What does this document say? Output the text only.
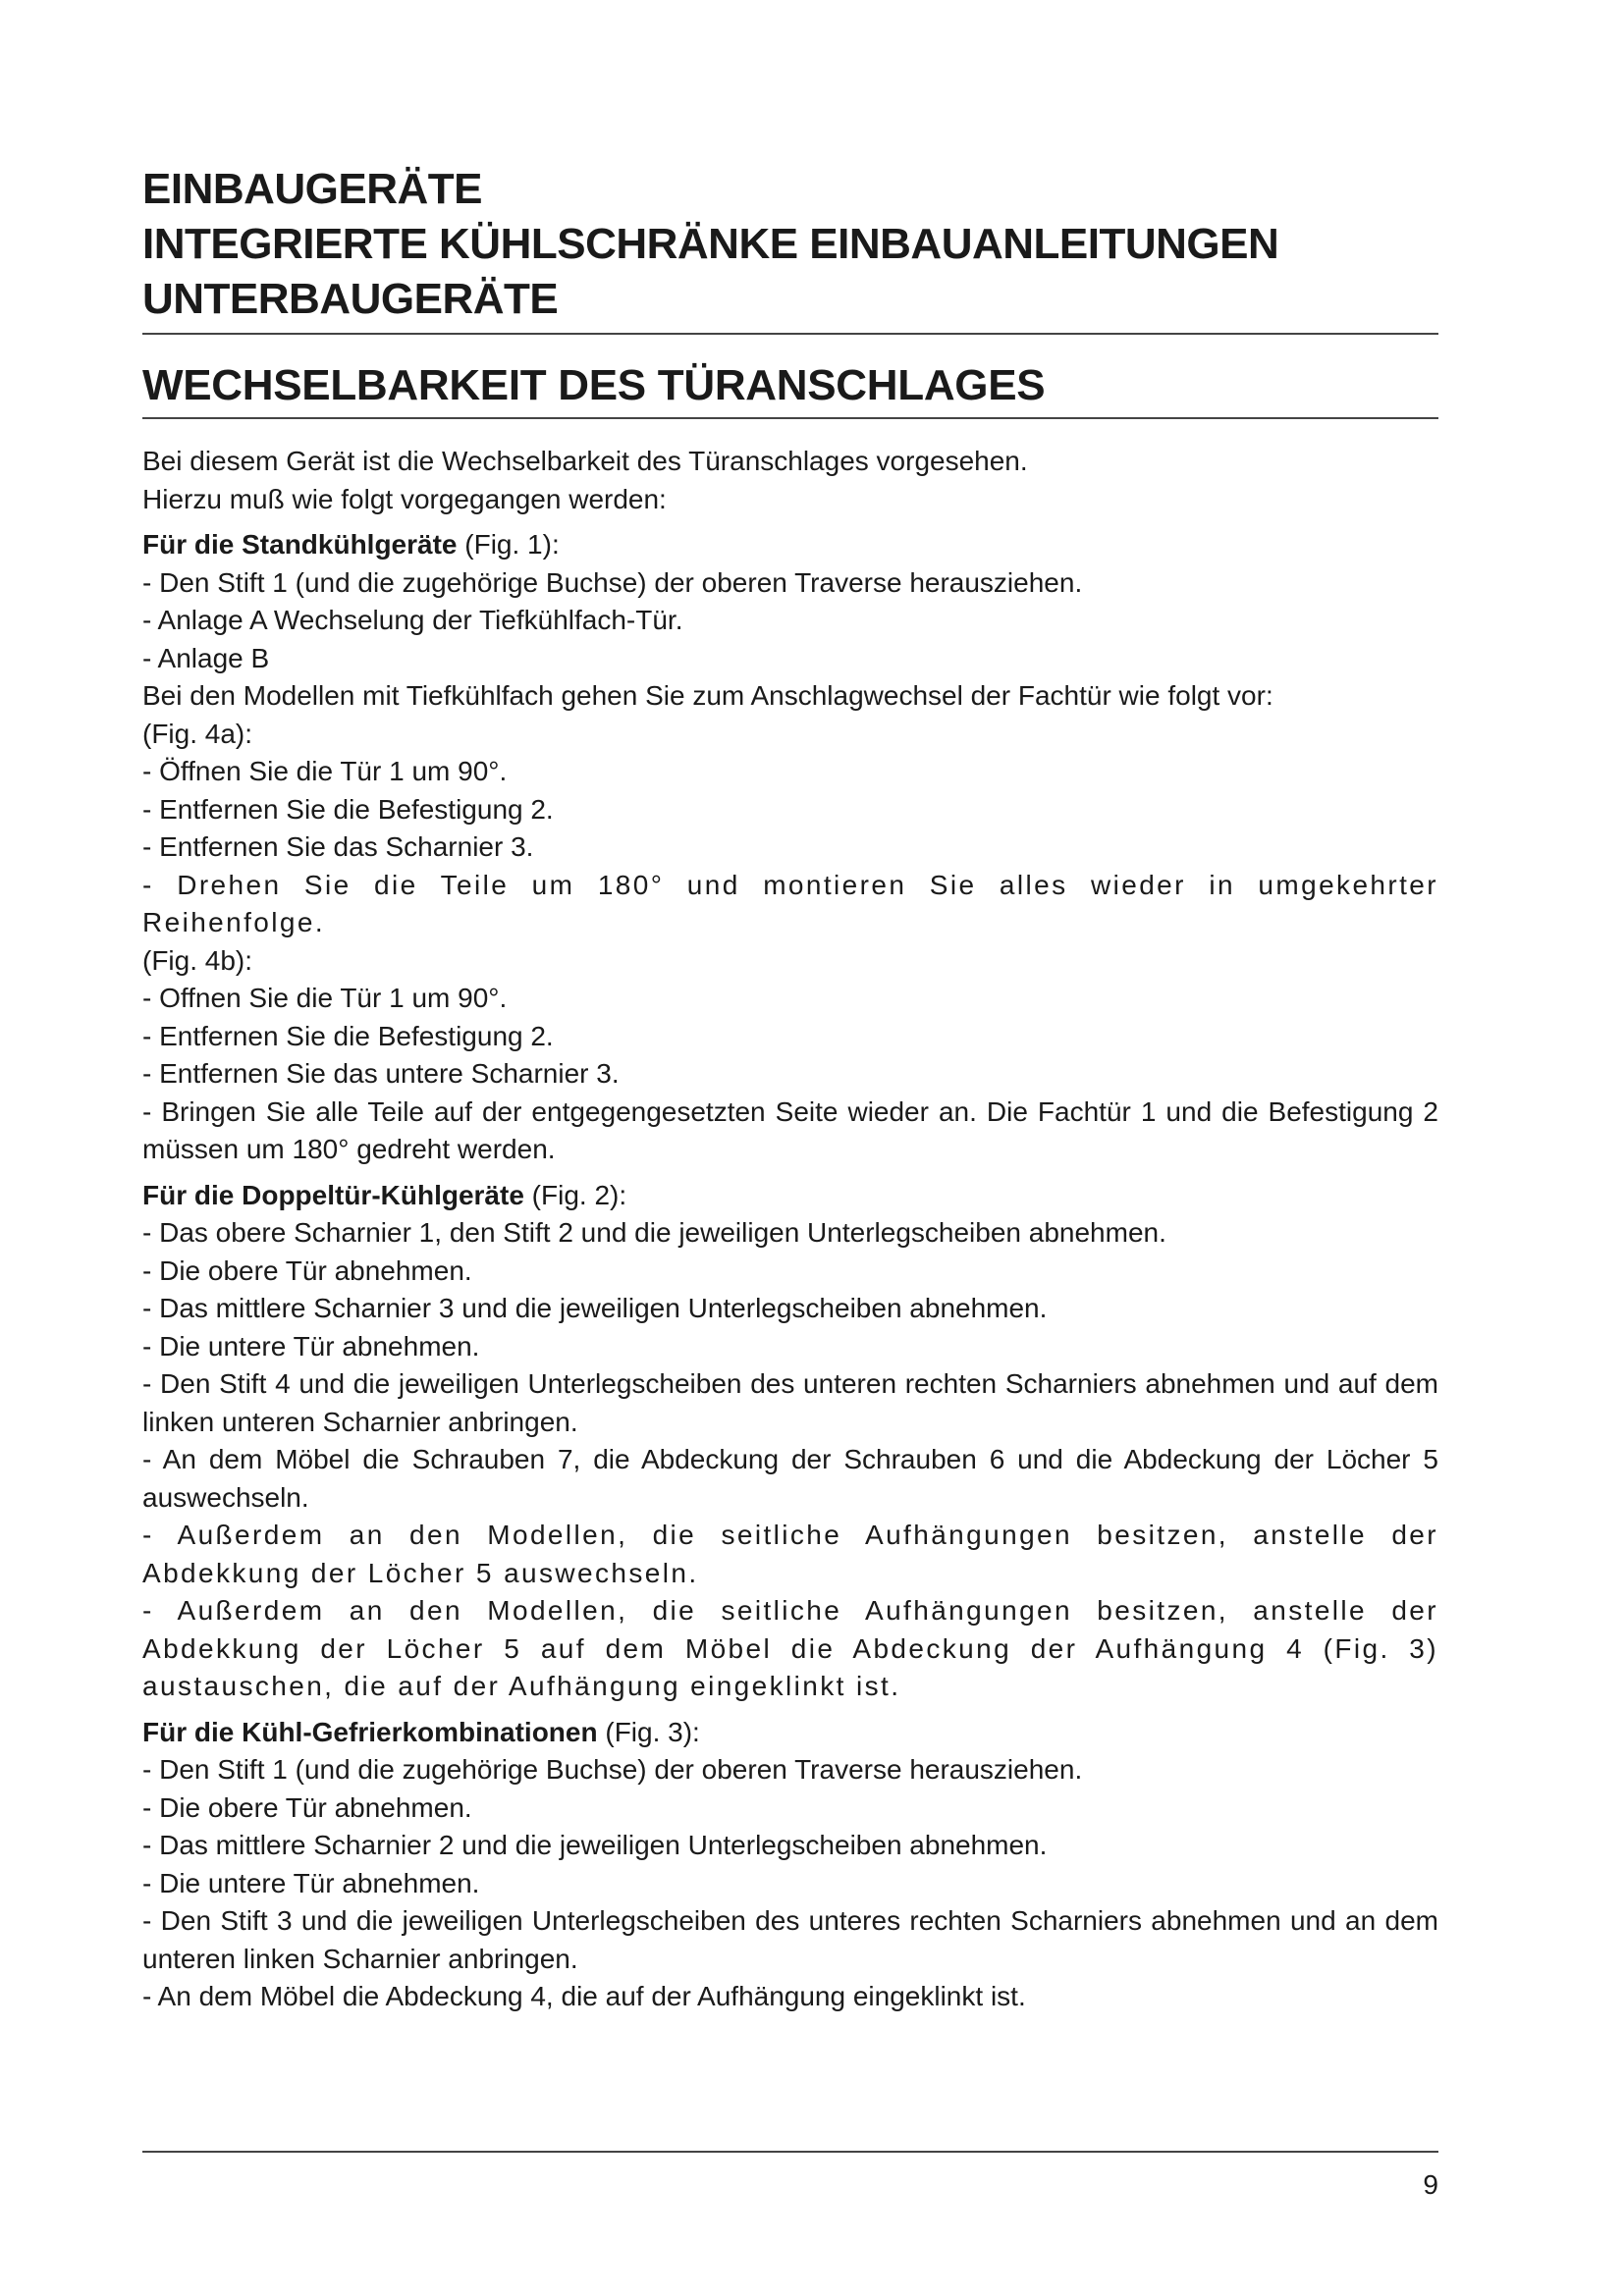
EINBAUGERÄTE
INTEGRIERTE KÜHLSCHRÄNKE EINBAUANLEITUNGEN
UNTERBAUGERÄTE
WECHSELBARKEIT DES TÜRANSCHLAGES

Bei diesem Gerät ist die Wechselbarkeit des Türanschlages vorgesehen.

Hierzu muß wie folgt vorgegangen werden:

Für die Standkühlgeräte (Fig. 1):

- Den Stift 1 (und die zugehörige Buchse) der oberen Traverse herausziehen.

- Anlage A Wechselung der Tiefkühlfach-Tür.

- Anlage B

Bei den Modellen mit Tiefkühlfach gehen Sie zum Anschlagwechsel der Fachtür wie folgt vor:

(Fig. 4a):

- Öffnen Sie die Tür 1 um 90°.

- Entfernen Sie die Befestigung 2.

- Entfernen Sie das Scharnier 3.

- Drehen Sie die Teile um 180° und montieren Sie alles wieder in umgekehrter Reihenfolge.

(Fig. 4b):

- Offnen Sie die Tür 1 um 90°.

- Entfernen Sie die Befestigung 2.

- Entfernen Sie das untere Scharnier 3.

- Bringen Sie alle Teile auf der entgegengesetzten Seite wieder an. Die Fachtür 1 und die Befestigung 2 müssen um 180° gedreht werden.

Für die Doppeltür-Kühlgeräte (Fig. 2):

- Das obere Scharnier 1, den Stift 2 und die jeweiligen Unterlegscheiben abnehmen.

- Die obere Tür abnehmen.

- Das mittlere Scharnier 3 und die jeweiligen Unterlegscheiben abnehmen.

- Die untere Tür abnehmen.

- Den Stift 4 und die jeweiligen Unterlegscheiben des unteren rechten Scharniers abnehmen und auf dem linken unteren Scharnier anbringen.

- An dem Möbel die Schrauben 7, die Abdeckung der Schrauben 6 und die Abdeckung der Löcher 5 auswechseln.

- Außerdem an den Modellen, die seitliche Aufhängungen besitzen, anstelle der Abdekkung der Löcher 5 auswechseln.

- Außerdem an den Modellen, die seitliche Aufhängungen besitzen, anstelle der Abdekkung der Löcher 5 auf dem Möbel die Abdeckung der Aufhängung 4 (Fig. 3) austauschen, die auf der Aufhängung eingeklinkt ist.

Für die Kühl-Gefrierkombinationen (Fig. 3):

- Den Stift 1 (und die zugehörige Buchse) der oberen Traverse herausziehen.

- Die obere Tür abnehmen.

- Das mittlere Scharnier 2 und die jeweiligen Unterlegscheiben abnehmen.

- Die untere Tür abnehmen.

- Den Stift 3 und die jeweiligen Unterlegscheiben des unteres rechten Scharniers abnehmen und an dem unteren linken Scharnier anbringen.

- An dem Möbel die Abdeckung 4, die auf der Aufhängung eingeklinkt ist.

9
